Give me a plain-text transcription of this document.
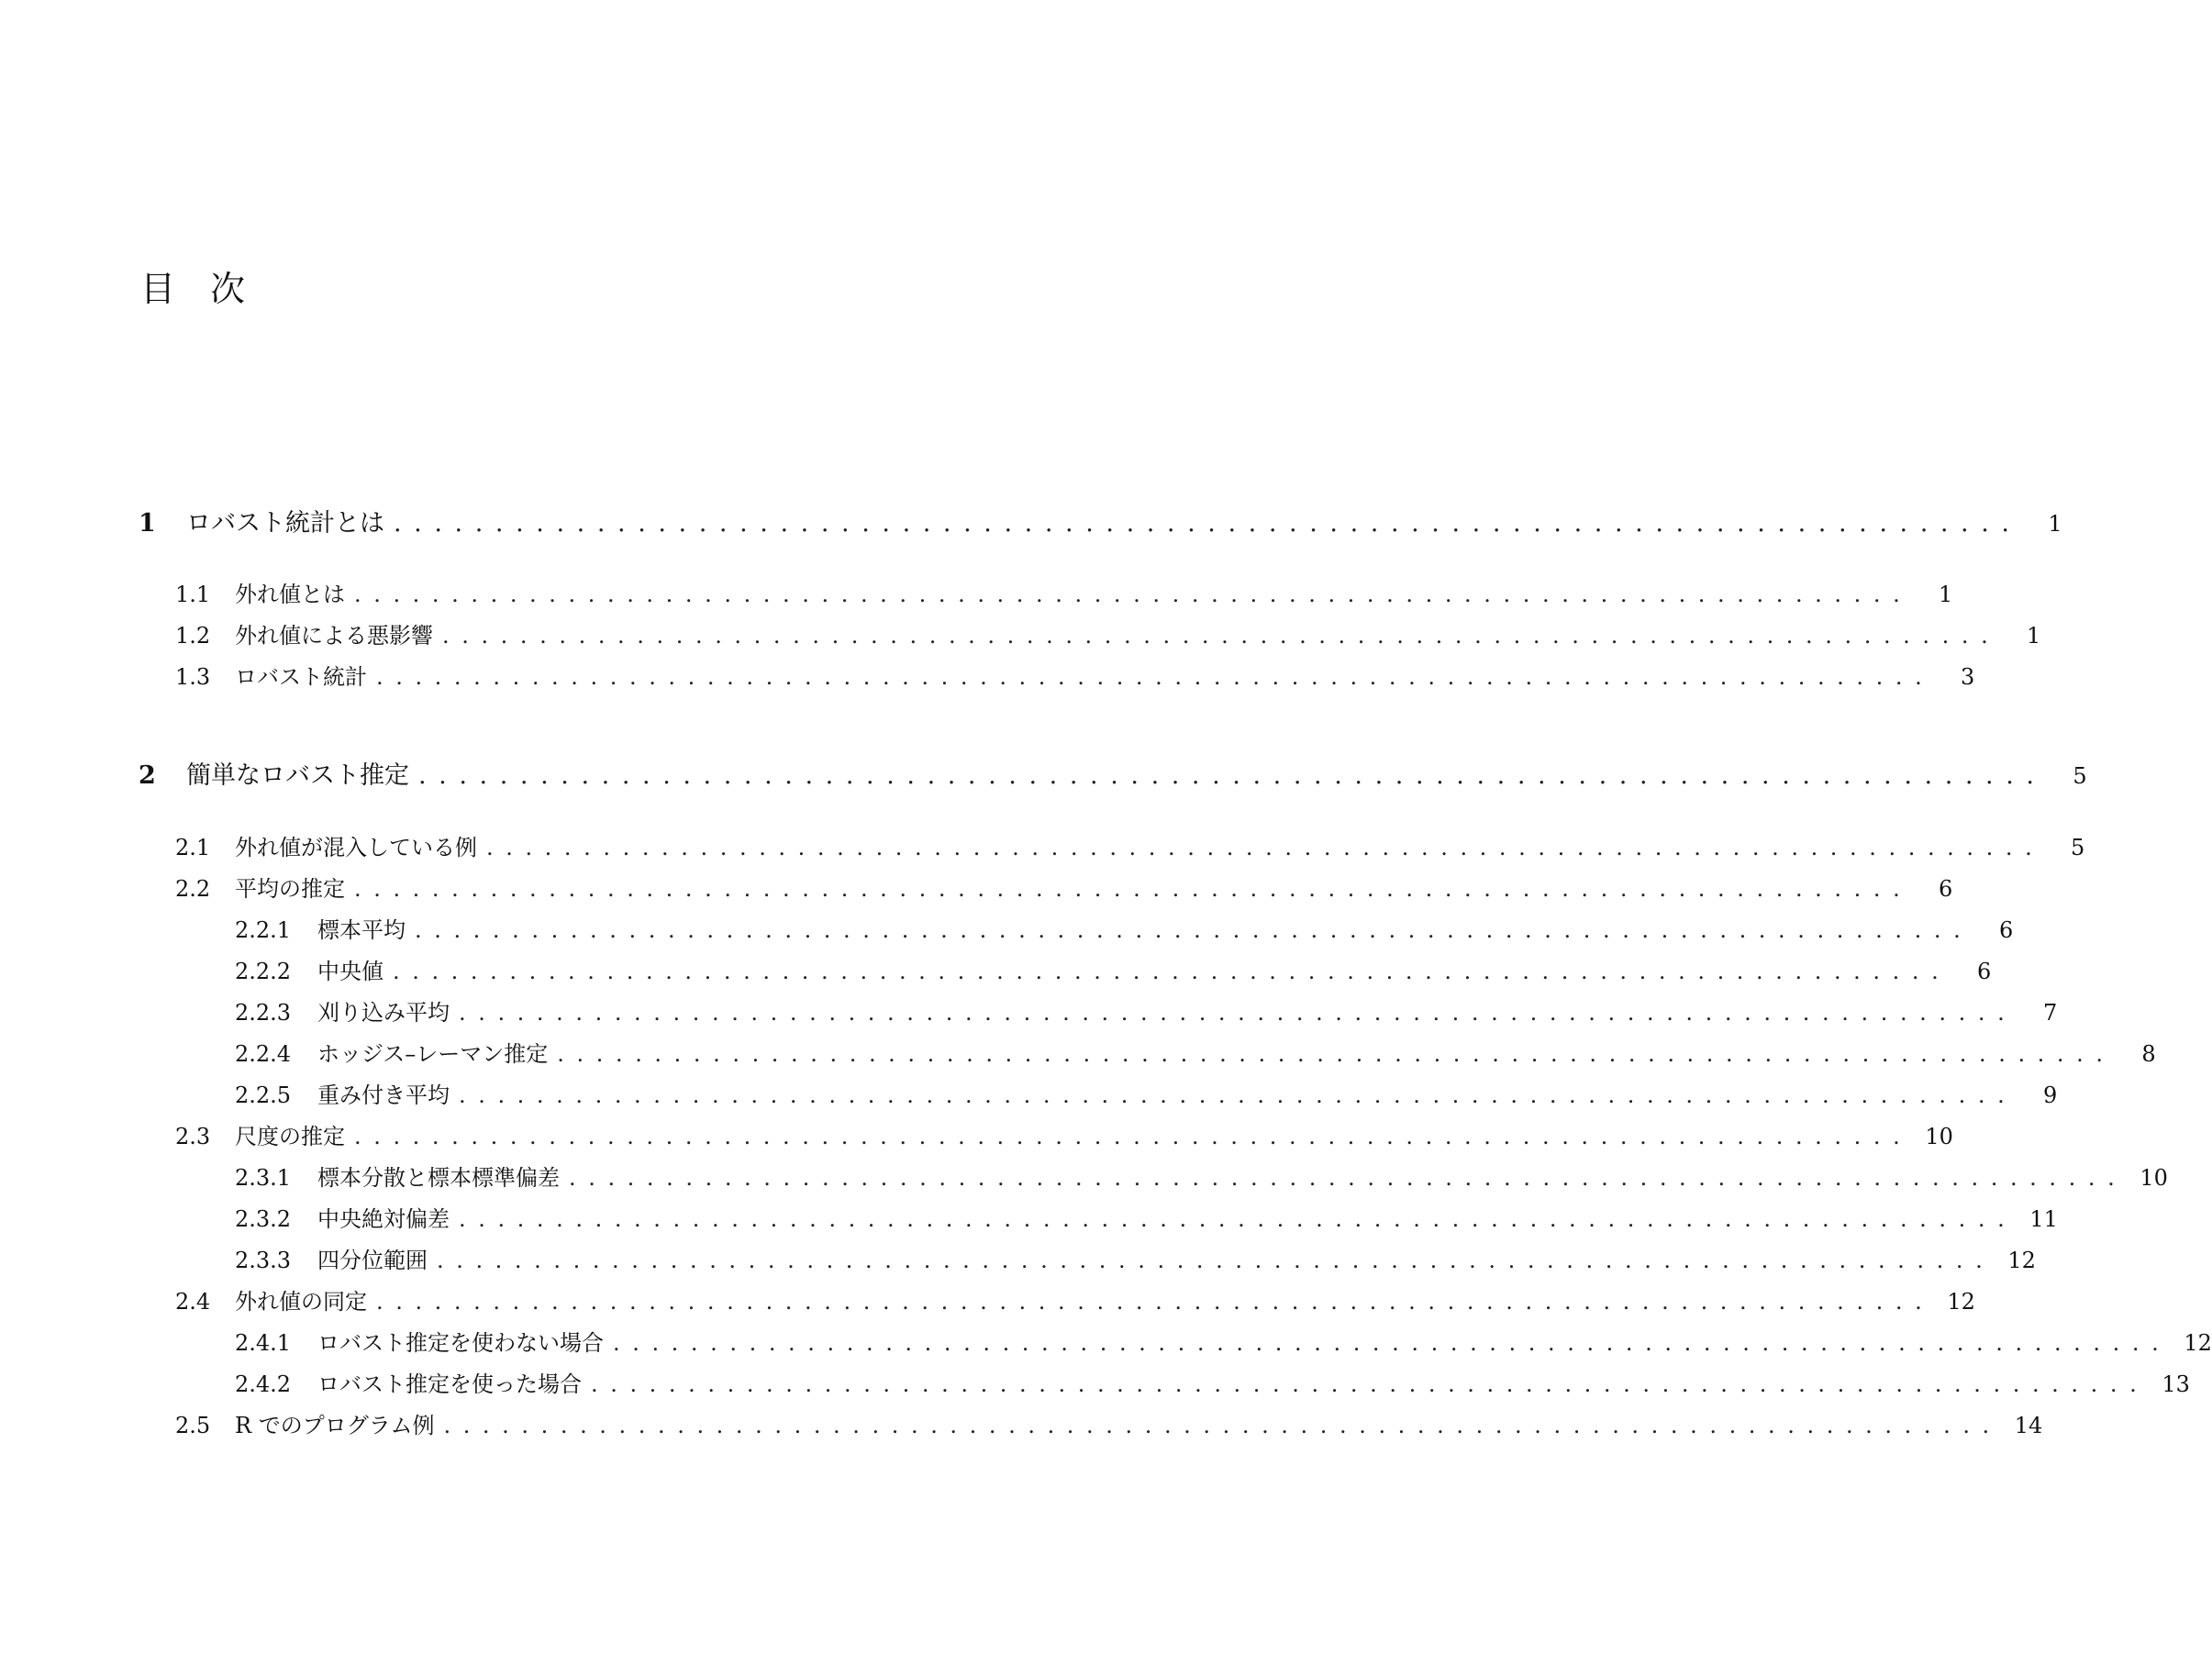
目次
1	ロバスト統計とは ................................................................................	1
1.1	外れ値とは ................................................................................	1
1.2	外れ値による悪影響 ................................................................................	1
1.3	ロバスト統計 ................................................................................	3
2	簡単なロバスト推定 ................................................................................	5
2.1	外れ値が混入している例 ................................................................................	5
2.2	平均の推定 ................................................................................	6
2.2.1	標本平均 ................................................................................	6
2.2.2	中央値 ................................................................................	6
2.2.3	刈り込み平均 ................................................................................	7
2.2.4	ホッジス–レーマン推定 ................................................................................	8
2.2.5	重み付き平均 ................................................................................	9
2.3	尺度の推定 ................................................................................ 10
2.3.1	標本分散と標本標準偏差 ................................................................................ 10
2.3.2	中央絶対偏差 ................................................................................ 11
2.3.3	四分位範囲 ................................................................................ 12
2.4	外れ値の同定 ................................................................................ 12
2.4.1	ロバスト推定を使わない場合 ................................................................................ 12
2.4.2	ロバスト推定を使った場合 ................................................................................ 13
2.5	R でのプログラム例 ................................................................................ 14
